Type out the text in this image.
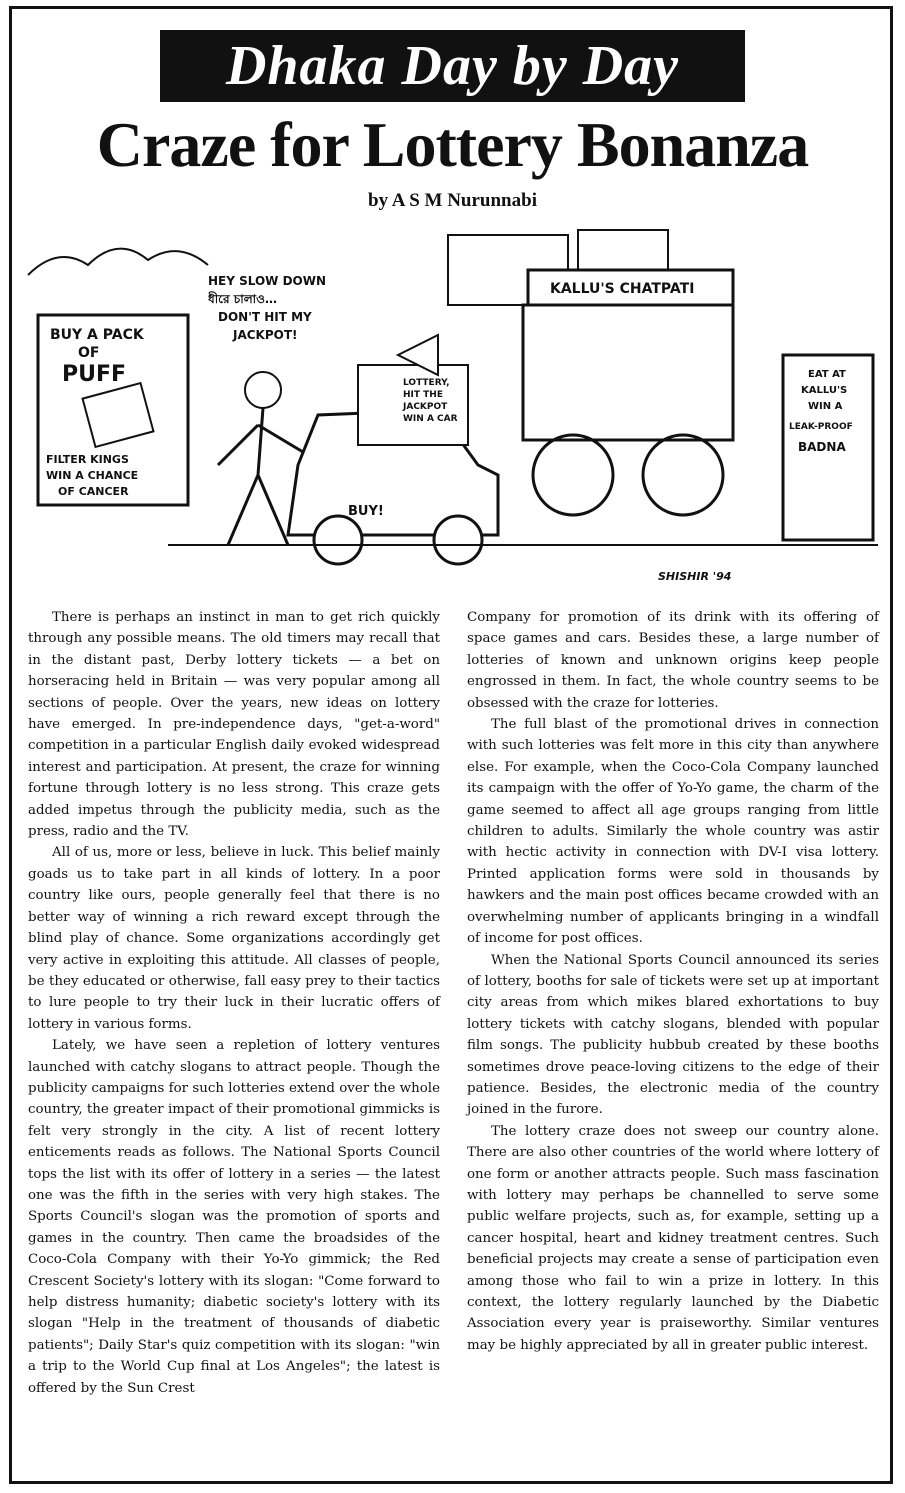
Dhaka Day by Day
Craze for Lottery Bonanza
by A S M Nurunnabi
BUY A PACK
OF
PUFF
FILTER KINGS
WIN A CHANCE
OF CANCER
HEY SLOW DOWN
ধীরে চালাও…
DON'T HIT MY
JACKPOT!
LOTTERY,
HIT THE
JACKPOT
WIN A CAR
BUY!
KALLU'S CHATPATI
EAT AT
KALLU'S
WIN A
LEAK-PROOF
BADNA
SHISHIR '94

There is perhaps an instinct in man to get rich quickly through any possible means. The old timers may recall that in the distant past, Derby lottery tickets — a bet on horseracing held in Britain — was very popular among all sections of people. Over the years, new ideas on lottery have emerged. In pre-independence days, "get-a-word" competition in a particular English daily evoked widespread interest and participation. At present, the craze for winning fortune through lottery is no less strong. This craze gets added impetus through the publicity media, such as the press, radio and the TV.

All of us, more or less, believe in luck. This belief mainly goads us to take part in all kinds of lottery. In a poor country like ours, people generally feel that there is no better way of winning a rich reward except through the blind play of chance. Some organizations accordingly get very active in exploiting this attitude. All classes of people, be they educated or otherwise, fall easy prey to their tactics to lure people to try their luck in their lucratic offers of lottery in various forms.

Lately, we have seen a repletion of lottery ventures launched with catchy slogans to attract people. Though the publicity campaigns for such lotteries extend over the whole country, the greater impact of their promotional gimmicks is felt very strongly in the city. A list of recent lottery enticements reads as follows. The National Sports Council tops the list with its offer of lottery in a series — the latest one was the fifth in the series with very high stakes. The Sports Council's slogan was the promotion of sports and games in the country. Then came the broadsides of the Coco-Cola Company with their Yo-Yo gimmick; the Red Crescent Society's lottery with its slogan: "Come forward to help distress humanity; diabetic society's lottery with its slogan "Help in the treatment of thousands of diabetic patients"; Daily Star's quiz competition with its slogan: "win a trip to the World Cup final at Los Angeles"; the latest is offered by the Sun Crest

Company for promotion of its drink with its offering of space games and cars. Besides these, a large number of lotteries of known and unknown origins keep people engrossed in them. In fact, the whole country seems to be obsessed with the craze for lotteries.

The full blast of the promotional drives in connection with such lotteries was felt more in this city than anywhere else. For example, when the Coco-Cola Company launched its campaign with the offer of Yo-Yo game, the charm of the game seemed to affect all age groups ranging from little children to adults. Similarly the whole country was astir with hectic activity in connection with DV-I visa lottery. Printed application forms were sold in thousands by hawkers and the main post offices became crowded with an overwhelming number of applicants bringing in a windfall of income for post offices.

When the National Sports Council announced its series of lottery, booths for sale of tickets were set up at important city areas from which mikes blared exhortations to buy lottery tickets with catchy slogans, blended with popular film songs. The publicity hubbub created by these booths sometimes drove peace-loving citizens to the edge of their patience. Besides, the electronic media of the country joined in the furore.

The lottery craze does not sweep our country alone. There are also other countries of the world where lottery of one form or another attracts people. Such mass fascination with lottery may perhaps be channelled to serve some public welfare projects, such as, for example, setting up a cancer hospital, heart and kidney treatment centres. Such beneficial projects may create a sense of participation even among those who fail to win a prize in lottery. In this context, the lottery regularly launched by the Diabetic Association every year is praiseworthy. Similar ventures may be highly appreciated by all in greater public interest.
